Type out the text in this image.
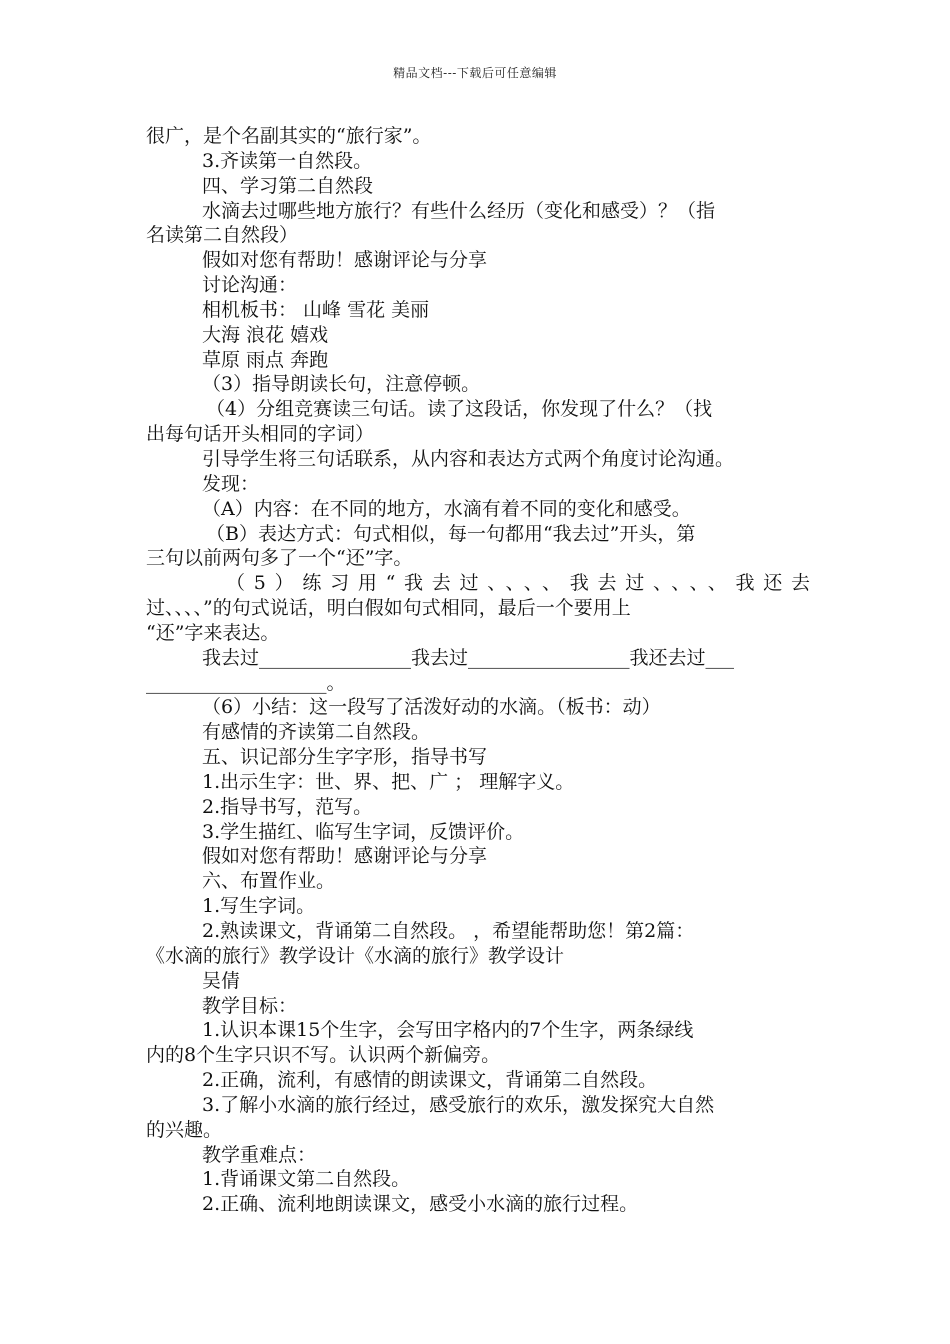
精品文档---下载后可任意编辑
很广，是个名副其实的“旅行家”。
3.齐读第一自然段。
四、学习第二自然段
水滴去过哪些地方旅行？有些什么经历（变化和感受）？（指
名读第二自然段）
假如对您有帮助！感谢评论与分享
讨论沟通：
相机板书： 山峰 雪花 美丽
大海 浪花 嬉戏
草原 雨点 奔跑
（3）指导朗读长句，注意停顿。
（4）分组竞赛读三句话。读了这段话，你发现了什么？（找
出每句话开头相同的字词）
引导学生将三句话联系，从内容和表达方式两个角度讨论沟通。
发现：
（A）内容：在不同的地方，水滴有着不同的变化和感受。
（B）表达方式：句式相似，每一句都用“我去过”开头，第
三句以前两句多了一个“还”字。
（5）练习用“我去过、、、、我去过、、、、我还去
过、、、、”的句式说话，明白假如句式相同，最后一个要用上
“还”字来表达。
我去过________________我去过_________________我还去过___
___________________。
（6）小结：这一段写了活泼好动的水滴。（板书：动）
有感情的齐读第二自然段。
五、识记部分生字字形，指导书写
1.出示生字：世、界、把、广 ； 理解字义。
2.指导书写，范写。
3.学生描红、临写生字词，反馈评价。
假如对您有帮助！感谢评论与分享
六、布置作业。
1.写生字词。
2.熟读课文，背诵第二自然段。 ，希望能帮助您！第2篇：
《水滴的旅行》教学设计《水滴的旅行》教学设计
吴倩
教学目标：
1.认识本课15个生字，会写田字格内的7个生字，两条绿线
内的8个生字只识不写。认识两个新偏旁。
2.正确，流利，有感情的朗读课文，背诵第二自然段。
3.了解小水滴的旅行经过，感受旅行的欢乐，激发探究大自然
的兴趣。
教学重难点：
1.背诵课文第二自然段。
2.正确、流利地朗读课文，感受小水滴的旅行过程。
